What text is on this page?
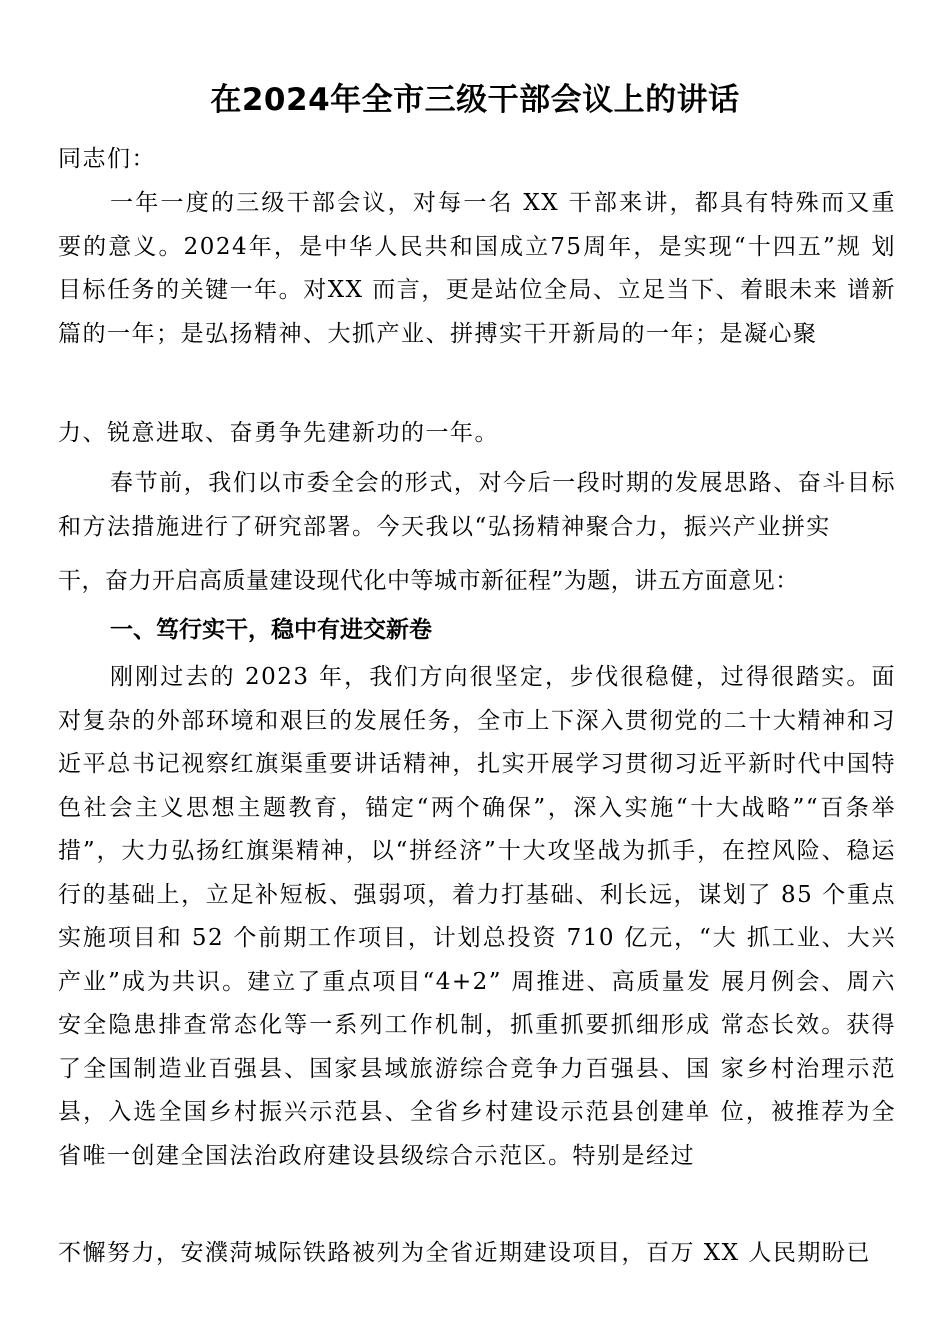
在2024年全市三级干部会议上的讲话

同志们：

一年一度的三级干部会议，对每一名 XX 干部来讲，都具有特殊而又重 要的意义。2024年，是中华人民共和国成立75周年，是实现“十四五”规 划目标任务的关键一年。对XX 而言，更是站位全局、立足当下、着眼未来 谱新篇的一年；是弘扬精神、大抓产业、拼搏实干开新局的一年；是凝心聚

力、锐意进取、奋勇争先建新功的一年。

春节前，我们以市委全会的形式，对今后一段时期的发展思路、奋斗目标和方法措施进行了研究部署。今天我以“弘扬精神聚合力，振兴产业拼实

干，奋力开启高质量建设现代化中等城市新征程”为题，讲五方面意见：

一、笃行实干，稳中有进交新卷

刚刚过去的 2023 年，我们方向很坚定，步伐很稳健，过得很踏实。面对复杂的外部环境和艰巨的发展任务，全市上下深入贯彻党的二十大精神和习近平总书记视察红旗渠重要讲话精神，扎实开展学习贯彻习近平新时代中国特色社会主义思想主题教育，锚定“两个确保”，深入实施“十大战略”“百条举措”，大力弘扬红旗渠精神，以“拼经济”十大攻坚战为抓手，在控风险、稳运行的基础上，立足补短板、强弱项，着力打基础、利长远，谋划了 85 个重点实施项目和 52 个前期工作项目，计划总投资 710 亿元，“大 抓工业、大兴产业”成为共识。建立了重点项目“4+2” 周推进、高质量发 展月例会、周六安全隐患排查常态化等一系列工作机制，抓重抓要抓细形成 常态长效。获得了全国制造业百强县、国家县域旅游综合竞争力百强县、国 家乡村治理示范县，入选全国乡村振兴示范县、全省乡村建设示范县创建单 位，被推荐为全省唯一创建全国法治政府建设县级综合示范区。特别是经过

不懈努力，安濮菏城际铁路被列为全省近期建设项目，百万 XX 人民期盼已
